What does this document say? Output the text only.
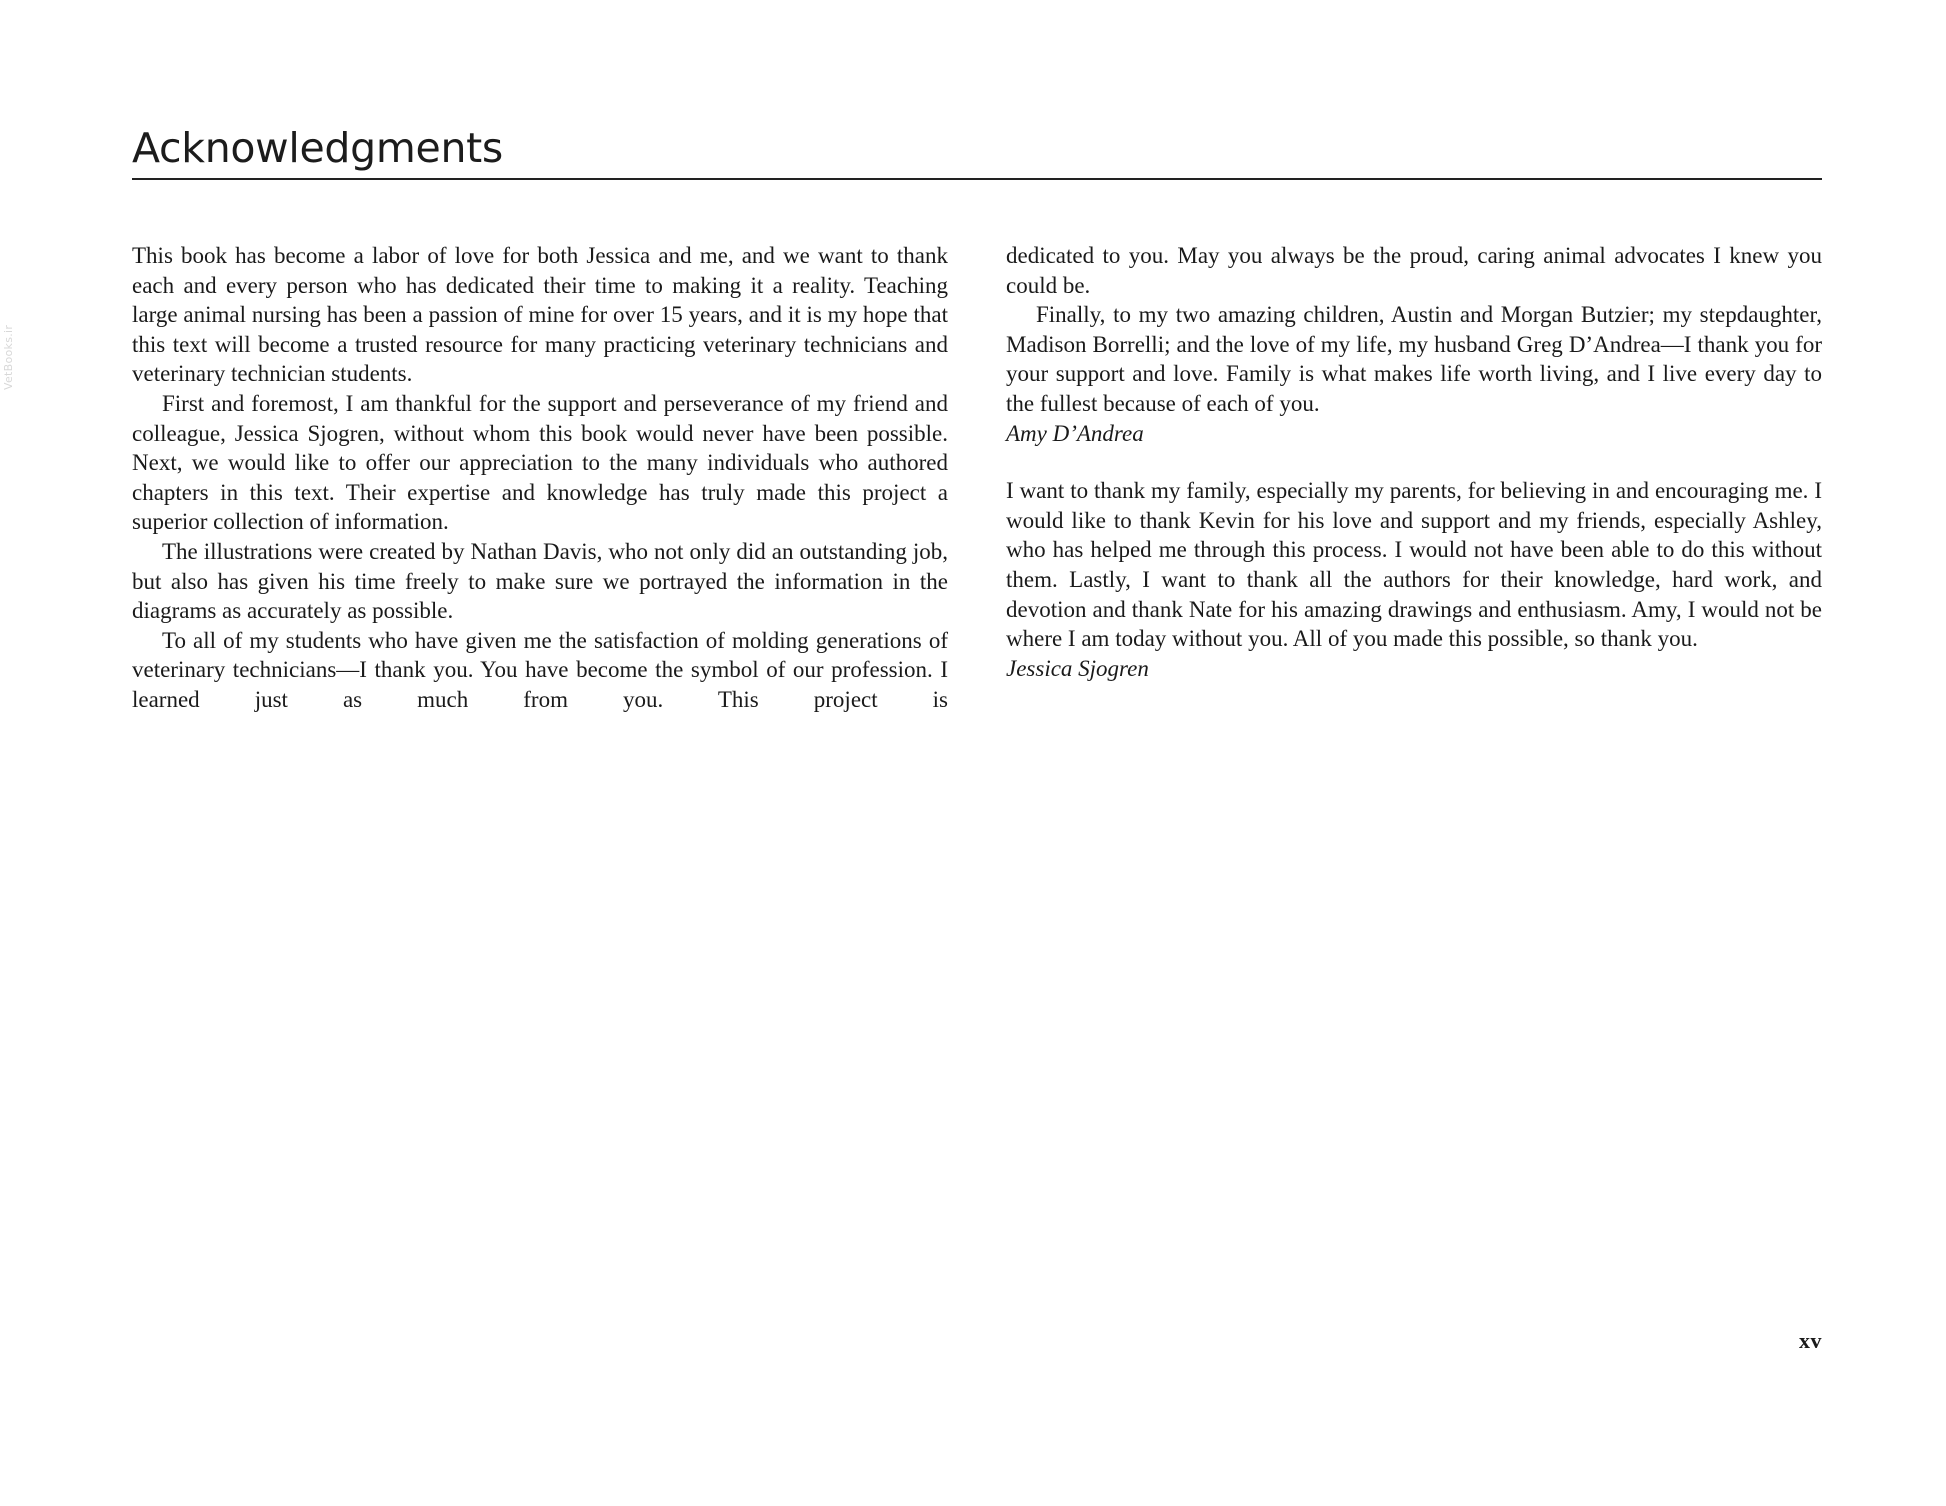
VetBooks.ir
Acknowledgments

This book has become a labor of love for both Jessica and me, and we want to thank each and every person who has dedicated their time to making it a reality. Teaching large animal nursing has been a passion of mine for over 15 years, and it is my hope that this text will become a trusted resource for many practicing veterinary technicians and veterinary technician students.

First and foremost, I am thankful for the support and perseverance of my friend and colleague, Jessica Sjogren, without whom this book would never have been possible. Next, we would like to offer our appreciation to the many individuals who authored chapters in this text. Their expertise and knowledge has truly made this project a superior collection of information.

The illustrations were created by Nathan Davis, who not only did an outstanding job, but also has given his time freely to make sure we portrayed the information in the diagrams as accurately as possible.

To all of my students who have given me the satisfaction of molding generations of veterinary technicians—I thank you. You have become the symbol of our profession. I learned just as much from you. This project is

dedicated to you. May you always be the proud, caring animal advocates I knew you could be.

Finally, to my two amazing children, Austin and Morgan Butzier; my stepdaughter, Madison Borrelli; and the love of my life, my husband Greg D’Andrea—I thank you for your support and love. Family is what makes life worth living, and I live every day to the fullest because of each of you.

Amy D’Andrea

I want to thank my family, especially my parents, for believing in and encouraging me. I would like to thank Kevin for his love and support and my friends, especially Ashley, who has helped me through this process. I would not have been able to do this without them. Lastly, I want to thank all the authors for their knowledge, hard work, and devotion and thank Nate for his amazing drawings and enthusiasm. Amy, I would not be where I am today without you. All of you made this possible, so thank you.

Jessica Sjogren

xv
